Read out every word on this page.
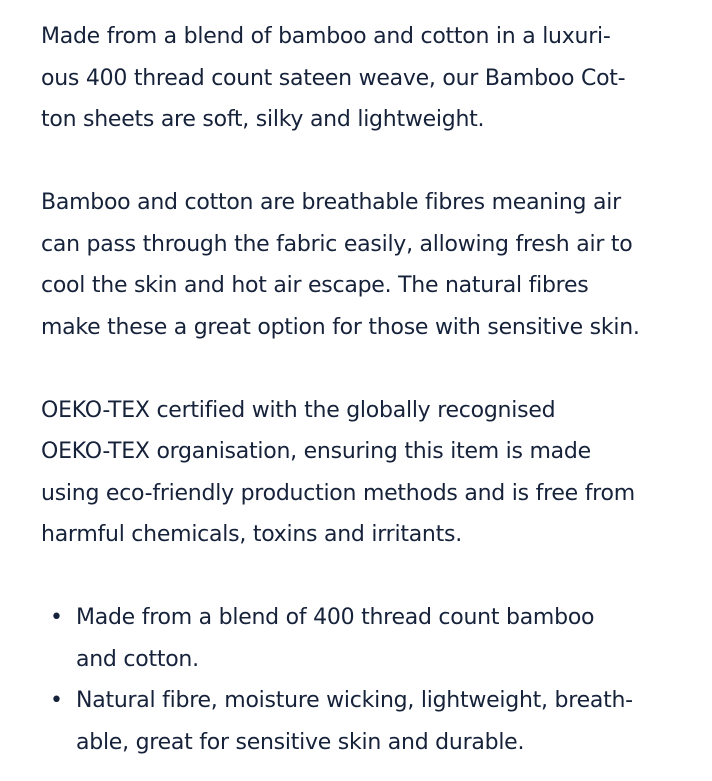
Made from a blend of bamboo and cotton in a luxuri-
ous 400 thread count sateen weave, our Bamboo Cot-
ton sheets are soft, silky and lightweight.

Bamboo and cotton are breathable fibres meaning air
can pass through the fabric easily, allowing fresh air to
cool the skin and hot air escape. The natural fibres
make these a great option for those with sensitive skin.

OEKO-TEX certified with the globally recognised
OEKO-TEX organisation, ensuring this item is made
using eco-friendly production methods and is free from
harmful chemicals, toxins and irritants.

• Made from a blend of 400 thread count bamboo
and cotton.
• Natural fibre, moisture wicking, lightweight, breath-
able, great for sensitive skin and durable.
